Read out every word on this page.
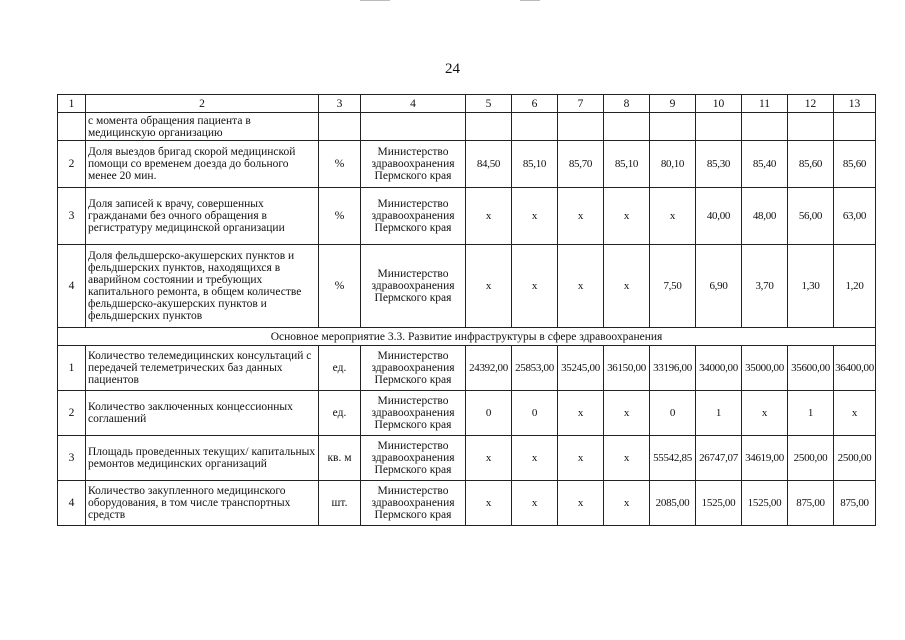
24
1	2	3	4	5	6	7	8	9	10	11	12	13
	с момента обращения пациента в медицинскую организацию											
2	Доля выездов бригад скорой медицинской помощи со временем доезда до больного менее 20 мин.	%	Министерство здравоохранения Пермского края	84,50	85,10	85,70	85,10	80,10	85,30	85,40	85,60	85,60
3	Доля записей к врачу, совершенных гражданами без очного обращения в регистратуру медицинской организации	%	Министерство здравоохранения Пермского края	x	x	x	x	x	40,00	48,00	56,00	63,00
4	Доля фельдшерско-акушерских пунктов и фельдшерских пунктов, находящихся в аварийном состоянии и требующих капитального ремонта, в общем количестве фельдшерско-акушерских пунктов и фельдшерских пунктов	%	Министерство здравоохранения Пермского края	x	x	x	x	7,50	6,90	3,70	1,30	1,20
Основное мероприятие 3.3. Развитие инфраструктуры в сфере здравоохранения												
1	Количество телемедицинских консультаций с передачей телеметрических баз данных пациентов	ед.	Министерство здравоохранения Пермского края	24392,00	25853,00	35245,00	36150,00	33196,00	34000,00	35000,00	35600,00	36400,00
2	Количество заключенных концессионных соглашений	ед.	Министерство здравоохранения Пермского края	0	0	x	x	0	1	x	1	x
3	Площадь проведенных текущих/ капитальных ремонтов медицинских организаций	кв. м	Министерство здравоохранения Пермского края	x	x	x	x	55542,85	26747,07	34619,00	2500,00	2500,00
4	Количество закупленного медицинского оборудования, в том числе транспортных средств	шт.	Министерство здравоохранения Пермского края	x	x	x	x	2085,00	1525,00	1525,00	875,00	875,00
